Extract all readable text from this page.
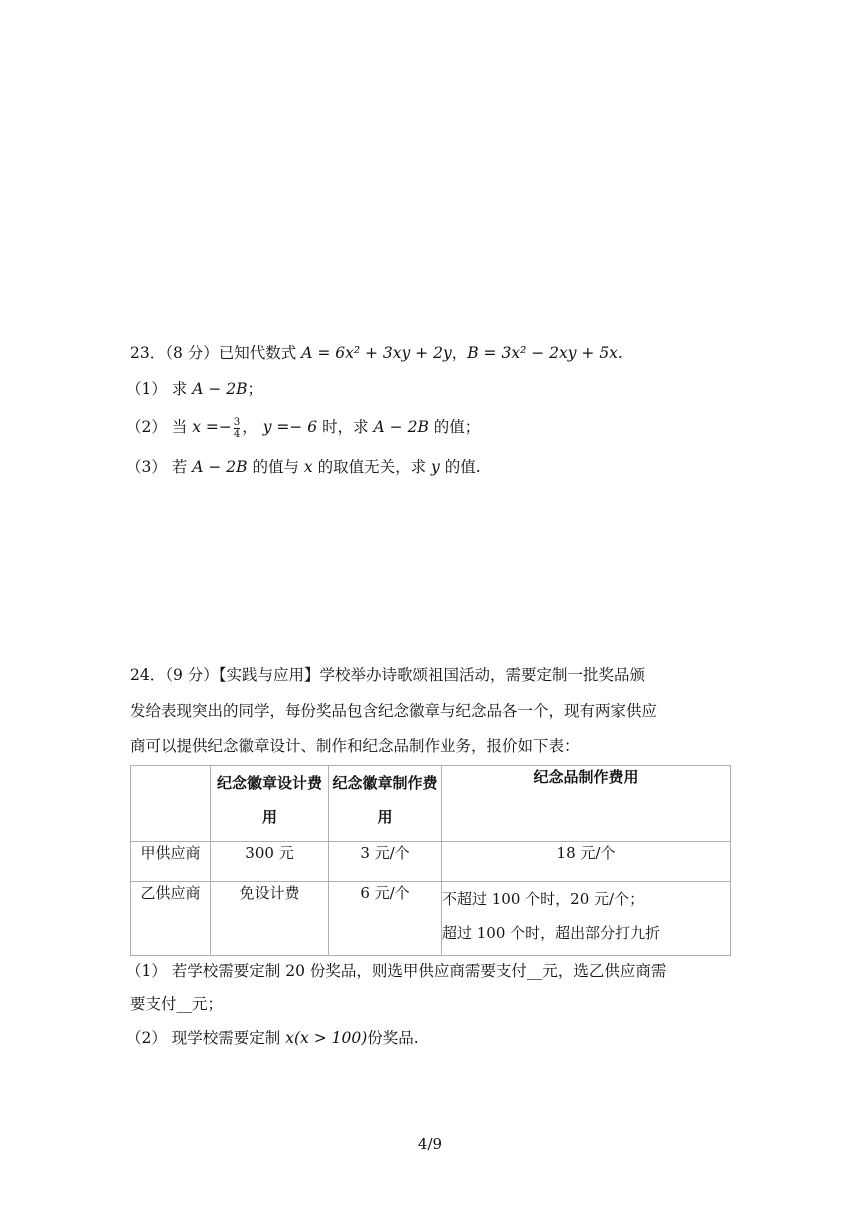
23．（8 分）已知代数式 A = 6x² + 3xy + 2y，B = 3x² − 2xy + 5x.
（1） 求 A − 2B；
（2） 当 $x =- \frac{3}{4}$ ， y =− 6 时，求 A − 2B 的值；
（3） 若 A − 2B 的值与 x 的取值无关，求 y 的值.
24．（9 分）【实践与应用】学校举办诗歌颂祖国活动，需要定制一批奖品颁
发给表现突出的同学，每份奖品包含纪念徽章与纪念品各一个，现有两家供应
商可以提供纪念徽章设计、制作和纪念品制作业务，报价如下表：
	纪念徽章设计费用	纪念徽章制作费用	纪念品制作费用
甲供应商	300 元	3 元/个	18 元/个
乙供应商	免设计费	6 元/个	不超过 100 个时，20 元/个；
超过 100 个时，超出部分打九折
（1） 若学校需要定制 20 份奖品，则选甲供应商需要支付__元，选乙供应商需
要支付__元；
（2） 现学校需要定制 x(x > 100)份奖品.
4/9
